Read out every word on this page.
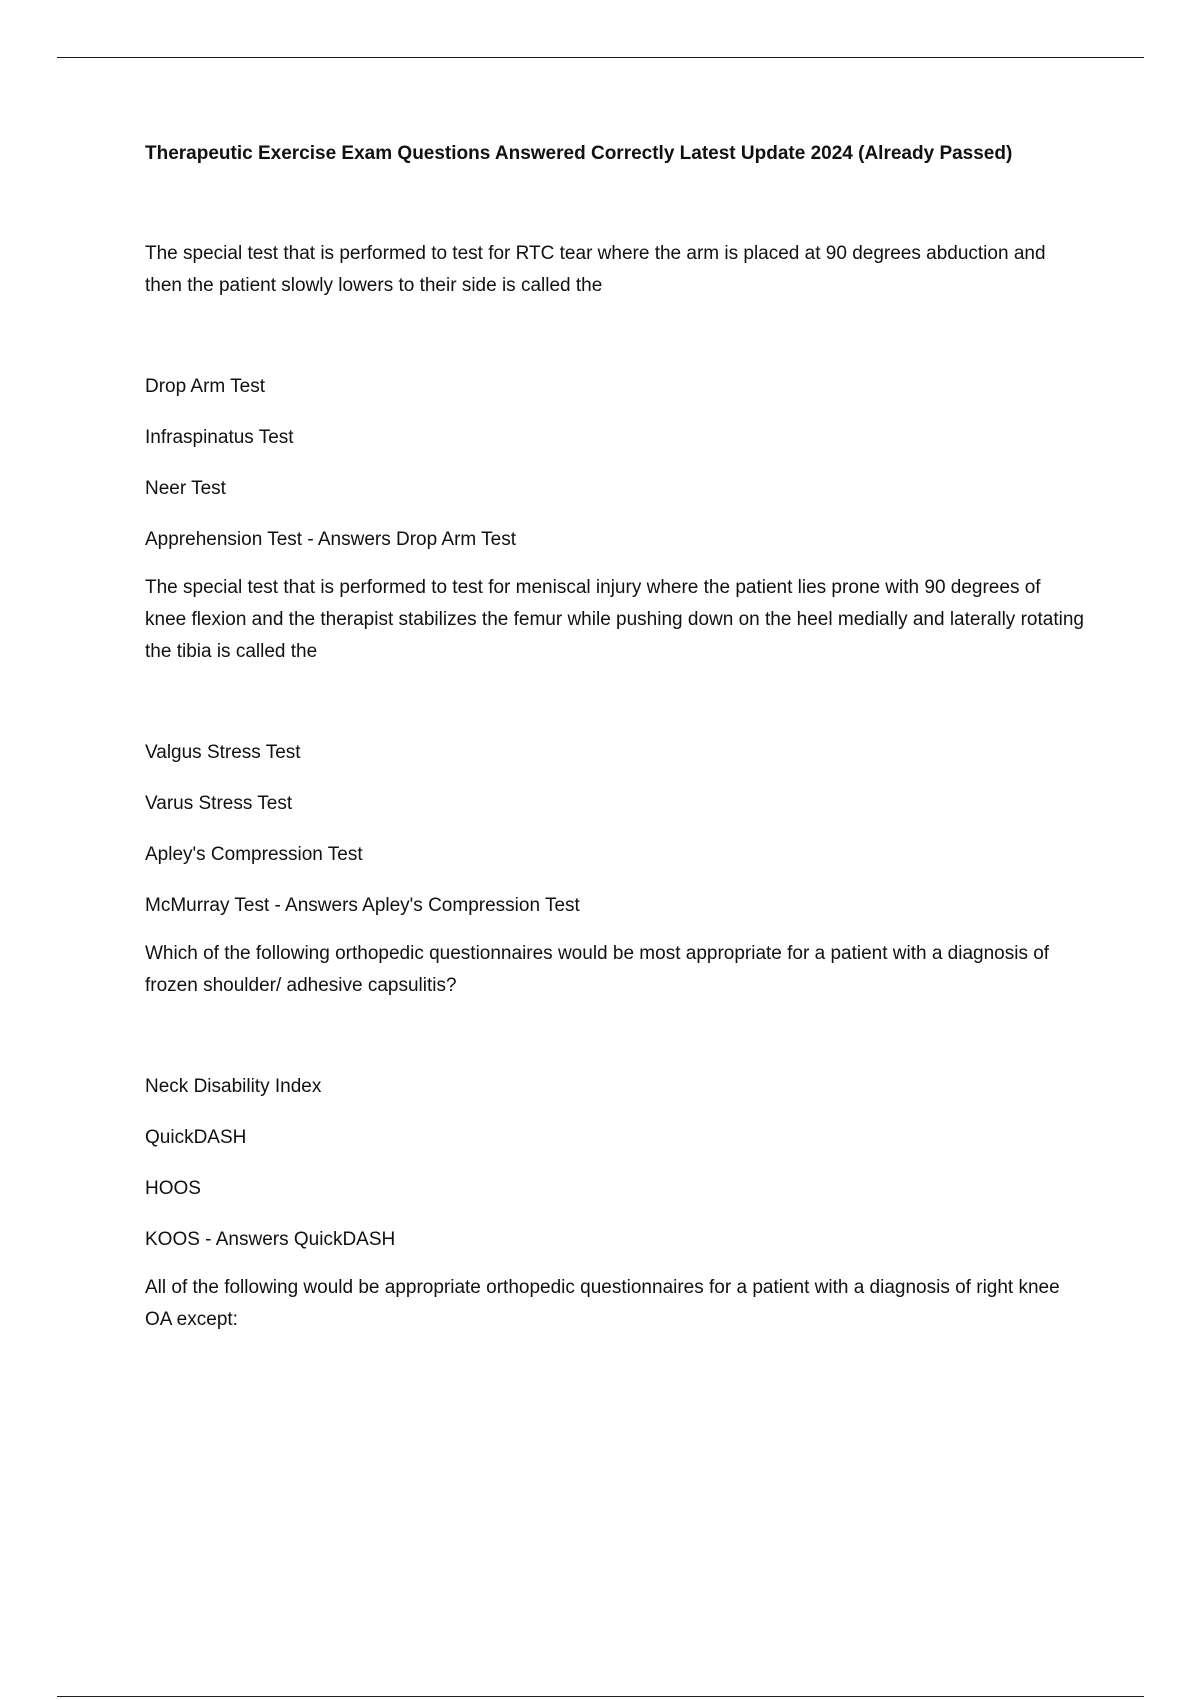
Therapeutic Exercise Exam Questions Answered Correctly Latest Update 2024 (Already Passed)

The special test that is performed to test for RTC tear where the arm is placed at 90 degrees abduction and then the patient slowly lowers to their side is called the

Drop Arm Test

Infraspinatus Test

Neer Test

Apprehension Test - Answers Drop Arm Test

The special test that is performed to test for meniscal injury where the patient lies prone with 90 degrees of knee flexion and the therapist stabilizes the femur while pushing down on the heel medially and laterally rotating the tibia is called the

Valgus Stress Test

Varus Stress Test

Apley's Compression Test

McMurray Test - Answers Apley's Compression Test

Which of the following orthopedic questionnaires would be most appropriate for a patient with a diagnosis of frozen shoulder/ adhesive capsulitis?

Neck Disability Index

QuickDASH

HOOS

KOOS - Answers QuickDASH

All of the following would be appropriate orthopedic questionnaires for a patient with a diagnosis of right knee OA except:
